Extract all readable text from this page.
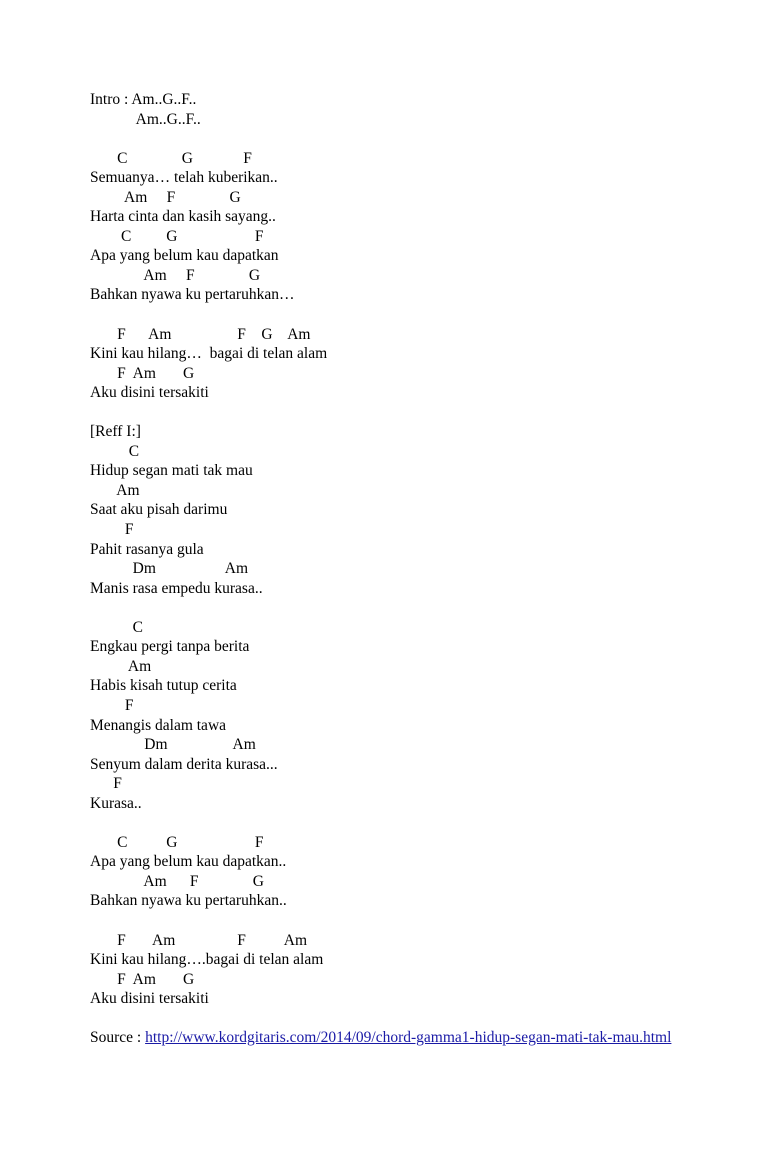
Intro : Am..G..F..
Am..G..F..
C              G             F
Semuanya… telah kuberikan..
Am     F              G
Harta cinta dan kasih sayang..
C         G                    F
Apa yang belum kau dapatkan
Am     F              G
Bahkan nyawa ku pertaruhkan…
F      Am                 F    G    Am
Kini kau hilang…  bagai di telan alam
F  Am       G
Aku disini tersakiti
[Reff I:]
C
Hidup segan mati tak mau
Am
Saat aku pisah darimu
F
Pahit rasanya gula
Dm                  Am
Manis rasa empedu kurasa..
C
Engkau pergi tanpa berita
Am
Habis kisah tutup cerita
F
Menangis dalam tawa
Dm                 Am
Senyum dalam derita kurasa...
F
Kurasa..
C          G                    F
Apa yang belum kau dapatkan..
Am      F              G
Bahkan nyawa ku pertaruhkan..
F       Am                F          Am
Kini kau hilang….bagai di telan alam
F  Am       G
Aku disini tersakiti
Source : http://www.kordgitaris.com/2014/09/chord-gamma1-hidup-segan-mati-tak-mau.html
